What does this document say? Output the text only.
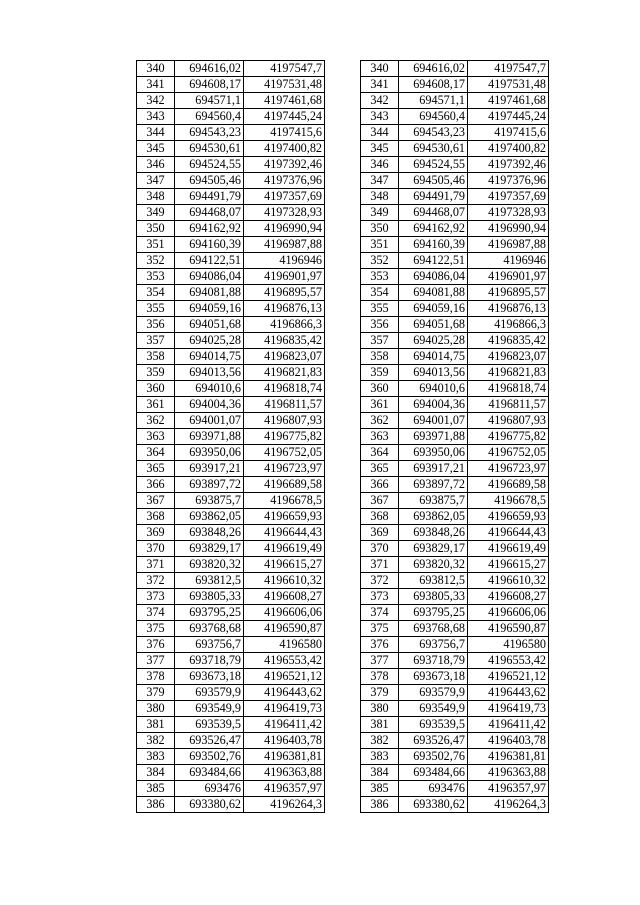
340	694616,02	4197547,7
341	694608,17	4197531,48
342	694571,1	4197461,68
343	694560,4	4197445,24
344	694543,23	4197415,6
345	694530,61	4197400,82
346	694524,55	4197392,46
347	694505,46	4197376,96
348	694491,79	4197357,69
349	694468,07	4197328,93
350	694162,92	4196990,94
351	694160,39	4196987,88
352	694122,51	4196946
353	694086,04	4196901,97
354	694081,88	4196895,57
355	694059,16	4196876,13
356	694051,68	4196866,3
357	694025,28	4196835,42
358	694014,75	4196823,07
359	694013,56	4196821,83
360	694010,6	4196818,74
361	694004,36	4196811,57
362	694001,07	4196807,93
363	693971,88	4196775,82
364	693950,06	4196752,05
365	693917,21	4196723,97
366	693897,72	4196689,58
367	693875,7	4196678,5
368	693862,05	4196659,93
369	693848,26	4196644,43
370	693829,17	4196619,49
371	693820,32	4196615,27
372	693812,5	4196610,32
373	693805,33	4196608,27
374	693795,25	4196606,06
375	693768,68	4196590,87
376	693756,7	4196580
377	693718,79	4196553,42
378	693673,18	4196521,12
379	693579,9	4196443,62
380	693549,9	4196419,73
381	693539,5	4196411,42
382	693526,47	4196403,78
383	693502,76	4196381,81
384	693484,66	4196363,88
385	693476	4196357,97
386	693380,62	4196264,3
340	694616,02	4197547,7
341	694608,17	4197531,48
342	694571,1	4197461,68
343	694560,4	4197445,24
344	694543,23	4197415,6
345	694530,61	4197400,82
346	694524,55	4197392,46
347	694505,46	4197376,96
348	694491,79	4197357,69
349	694468,07	4197328,93
350	694162,92	4196990,94
351	694160,39	4196987,88
352	694122,51	4196946
353	694086,04	4196901,97
354	694081,88	4196895,57
355	694059,16	4196876,13
356	694051,68	4196866,3
357	694025,28	4196835,42
358	694014,75	4196823,07
359	694013,56	4196821,83
360	694010,6	4196818,74
361	694004,36	4196811,57
362	694001,07	4196807,93
363	693971,88	4196775,82
364	693950,06	4196752,05
365	693917,21	4196723,97
366	693897,72	4196689,58
367	693875,7	4196678,5
368	693862,05	4196659,93
369	693848,26	4196644,43
370	693829,17	4196619,49
371	693820,32	4196615,27
372	693812,5	4196610,32
373	693805,33	4196608,27
374	693795,25	4196606,06
375	693768,68	4196590,87
376	693756,7	4196580
377	693718,79	4196553,42
378	693673,18	4196521,12
379	693579,9	4196443,62
380	693549,9	4196419,73
381	693539,5	4196411,42
382	693526,47	4196403,78
383	693502,76	4196381,81
384	693484,66	4196363,88
385	693476	4196357,97
386	693380,62	4196264,3
